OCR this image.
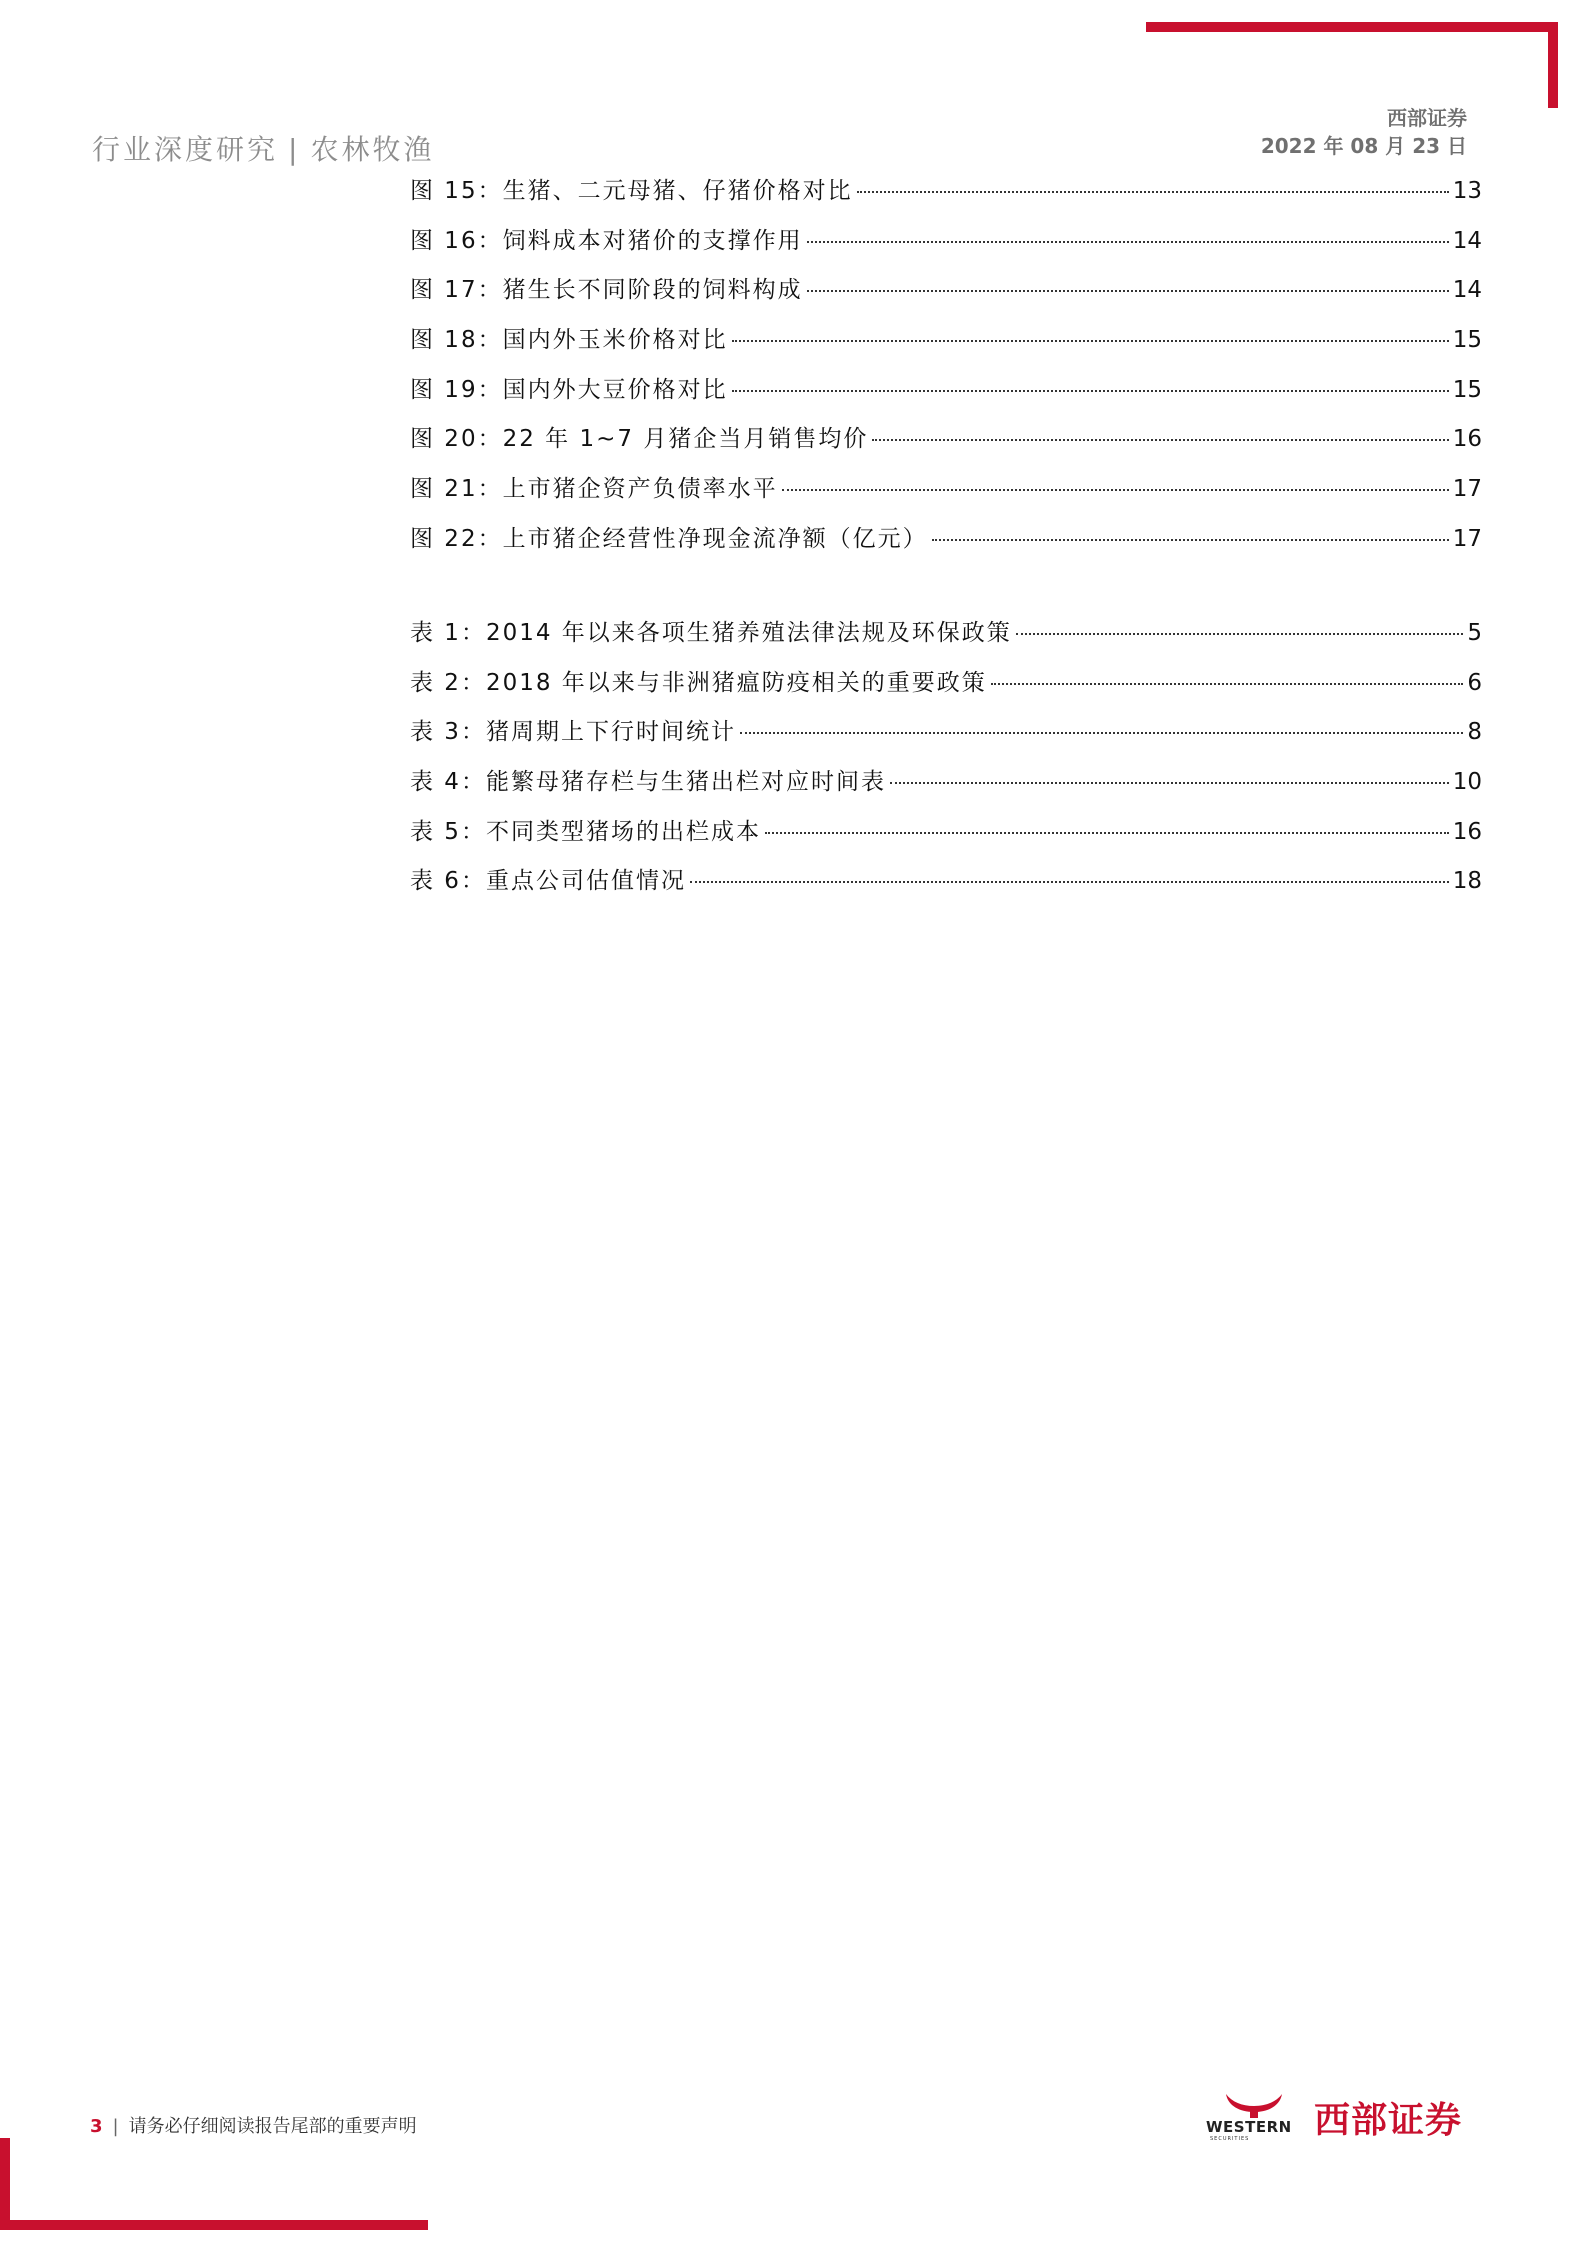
行业深度研究 | 农林牧渔
西部证券
2022 年 08 月 23 日
图 15：生猪、二元母猪、仔猪价格对比	13
图 16：饲料成本对猪价的支撑作用	14
图 17：猪生长不同阶段的饲料构成	14
图 18：国内外玉米价格对比	15
图 19：国内外大豆价格对比	15
图 20：22 年 1~7 月猪企当月销售均价	16
图 21：上市猪企资产负债率水平	17
图 22：上市猪企经营性净现金流净额（亿元）	17
表 1：2014 年以来各项生猪养殖法律法规及环保政策	5
表 2：2018 年以来与非洲猪瘟防疫相关的重要政策	6
表 3：猪周期上下行时间统计	8
表 4：能繁母猪存栏与生猪出栏对应时间表	10
表 5：不同类型猪场的出栏成本	16
表 6：重点公司估值情况	18
3 | 请务必仔细阅读报告尾部的重要声明	WESTERN
SECURITIES 西部证券
